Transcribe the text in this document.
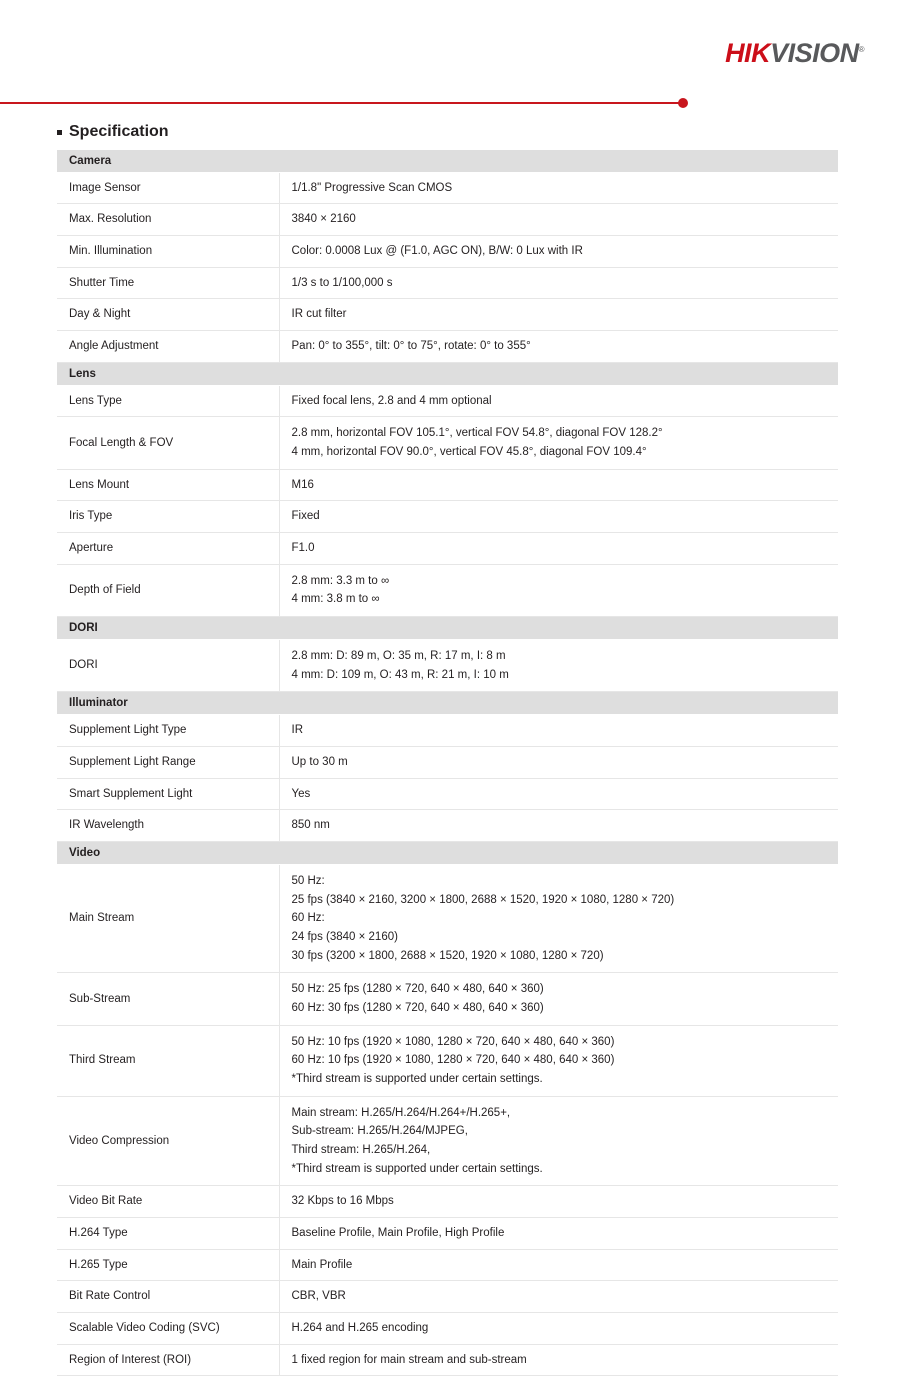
HIKVISION®
Specification
Camera	
Image Sensor	1/1.8" Progressive Scan CMOS

Max. Resolution	3840 × 2160

Min. Illumination	Color: 0.0008 Lux @ (F1.0, AGC ON), B/W: 0 Lux with IR

Shutter Time	1/3 s to 1/100,000 s

Day & Night	IR cut filter

Angle Adjustment	Pan: 0° to 355°, tilt: 0° to 75°, rotate: 0° to 355°

Lens	
Lens Type	Fixed focal lens, 2.8 and 4 mm optional

Focal Length & FOV	2.8 mm, horizontal FOV 105.1°, vertical FOV 54.8°, diagonal FOV 128.2°
4 mm, horizontal FOV 90.0°, vertical FOV 45.8°, diagonal FOV 109.4°

Lens Mount	M16

Iris Type	Fixed

Aperture	F1.0

Depth of Field	2.8 mm: 3.3 m to ∞
4 mm: 3.8 m to ∞

DORI	
DORI	2.8 mm: D: 89 m, O: 35 m, R: 17 m, I: 8 m
4 mm: D: 109 m, O: 43 m, R: 21 m, I: 10 m

Illuminator	
Supplement Light Type	IR

Supplement Light Range	Up to 30 m

Smart Supplement Light	Yes

IR Wavelength	850 nm

Video	
Main Stream	50 Hz:
25 fps (3840 × 2160, 3200 × 1800, 2688 × 1520, 1920 × 1080, 1280 × 720)
60 Hz:
24 fps (3840 × 2160)
30 fps (3200 × 1800, 2688 × 1520, 1920 × 1080, 1280 × 720)

Sub-Stream	50 Hz: 25 fps (1280 × 720, 640 × 480, 640 × 360)
60 Hz: 30 fps (1280 × 720, 640 × 480, 640 × 360)

Third Stream	50 Hz: 10 fps (1920 × 1080, 1280 × 720, 640 × 480, 640 × 360)
60 Hz: 10 fps (1920 × 1080, 1280 × 720, 640 × 480, 640 × 360)
*Third stream is supported under certain settings.

Video Compression	Main stream: H.265/H.264/H.264+/H.265+,
Sub-stream: H.265/H.264/MJPEG,
Third stream: H.265/H.264,
*Third stream is supported under certain settings.

Video Bit Rate	32 Kbps to 16 Mbps

H.264 Type	Baseline Profile, Main Profile, High Profile

H.265 Type	Main Profile

Bit Rate Control	CBR, VBR

Scalable Video Coding (SVC)	H.264 and H.265 encoding

Region of Interest (ROI)	1 fixed region for main stream and sub-stream
